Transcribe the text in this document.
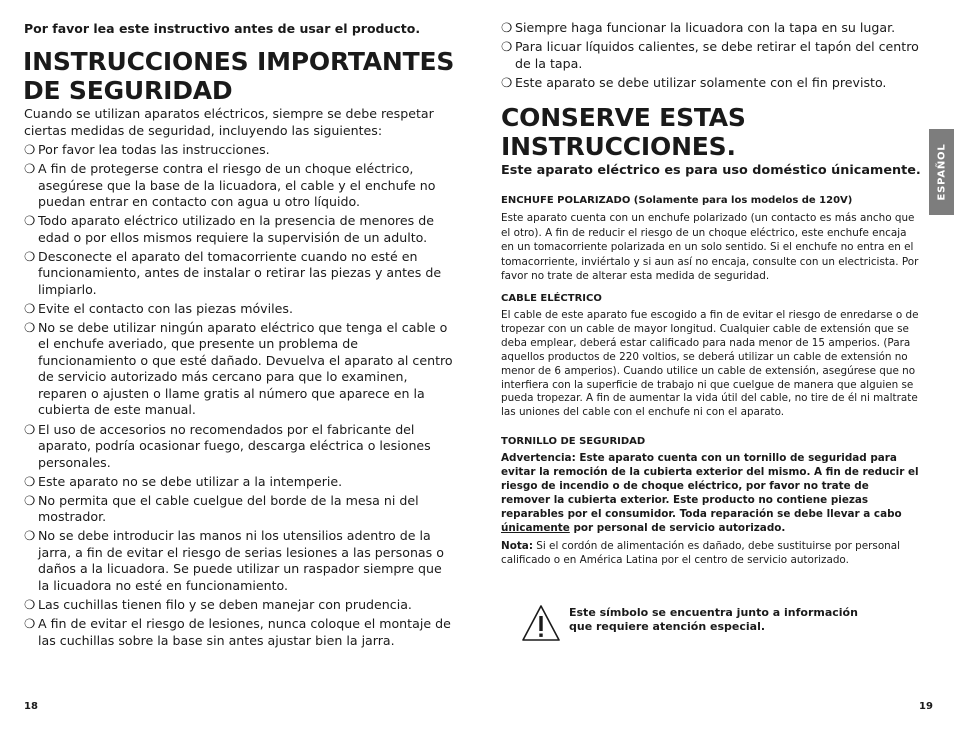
Por favor lea este instructivo antes de usar el producto.
INSTRUCCIONES IMPORTANTES
DE SEGURIDAD
Cuando se utilizan aparatos eléctricos, siempre se debe respetar ciertas medidas de seguridad, incluyendo las siguientes:
❍ Por favor lea todas las instrucciones.
❍ A fin de protegerse contra el riesgo de un choque eléctrico, asegúrese que la base de la licuadora, el cable y el enchufe no puedan entrar en contacto con agua u otro líquido.
❍ Todo aparato eléctrico utilizado en la presencia de menores de edad o por ellos mismos requiere la supervisión de un adulto.
❍ Desconecte el aparato del tomacorriente cuando no esté en funcionamiento, antes de instalar o retirar las piezas y antes de limpiarlo.
❍ Evite el contacto con las piezas móviles.
❍ No se debe utilizar ningún aparato eléctrico que tenga el cable o el enchufe averiado, que presente un problema de funcionamiento o que esté dañado. Devuelva el aparato al centro de servicio autorizado más cercano para que lo examinen, reparen o ajusten o llame gratis al número que aparece en la cubierta de este manual.
❍ El uso de accesorios no recomendados por el fabricante del aparato, podría ocasionar fuego, descarga eléctrica o lesiones personales.
❍ Este aparato no se debe utilizar a la intemperie.
❍ No permita que el cable cuelgue del borde de la mesa ni del mostrador.
❍ No se debe introducir las manos ni los utensilios adentro de la jarra, a fin de evitar el riesgo de serias lesiones a las personas o daños a la licuadora. Se puede utilizar un raspador siempre que la licuadora no esté en funcionamiento.
❍ Las cuchillas tienen filo y se deben manejar con prudencia.
❍ A fin de evitar el riesgo de lesiones, nunca coloque el montaje de las cuchillas sobre la base sin antes ajustar bien la jarra.
18
❍ Siempre haga funcionar la licuadora con la tapa en su lugar.
❍ Para licuar líquidos calientes, se debe retirar el tapón del centro de la tapa.
❍ Este aparato se debe utilizar solamente con el fin previsto.
CONSERVE ESTAS
INSTRUCCIONES.
Este aparato eléctrico es para uso doméstico únicamente.
ENCHUFE POLARIZADO (Solamente para los modelos de 120V)
Este aparato cuenta con un enchufe polarizado (un contacto es más ancho que el otro). A fin de reducir el riesgo de un choque eléctrico, este enchufe encaja en un tomacorriente polarizada en un solo sentido. Si el enchufe no entra en el tomacorriente, inviértalo y si aun así no encaja, consulte con un electricista. Por favor no trate de alterar esta medida de seguridad.
CABLE ELÉCTRICO
El cable de este aparato fue escogido a fin de evitar el riesgo de enredarse o de tropezar con un cable de mayor longitud. Cualquier cable de extensión que se deba emplear, deberá estar calificado para nada menor de 15 amperios. (Para aquellos productos de 220 voltios, se deberá utilizar un cable de extensión no menor de 6 amperios). Cuando utilice un cable de extensión, asegúrese que no interfiera con la superficie de trabajo ni que cuelgue de manera que alguien se pueda tropezar. A fin de aumentar la vida útil del cable, no tire de él ni maltrate las uniones del cable con el enchufe ni con el aparato.
TORNILLO DE SEGURIDAD
Advertencia: Este aparato cuenta con un tornillo de seguridad para evitar la remoción de la cubierta exterior del mismo. A fin de reducir el riesgo de incendio o de choque eléctrico, por favor no trate de remover la cubierta exterior. Este producto no contiene piezas reparables por el consumidor. Toda reparación se debe llevar a cabo únicamente por personal de servicio autorizado.
Nota: Si el cordón de alimentación es dañado, debe sustituirse por personal calificado o en América Latina por el centro de servicio autorizado.
Este símbolo se encuentra junto a información que requiere atención especial.
ESPAÑOL
19
